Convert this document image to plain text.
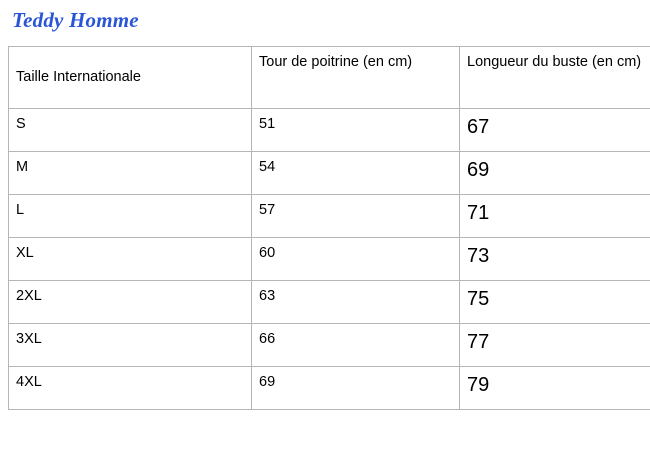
Teddy Homme
Taille Internationale	Tour de poitrine (en cm)	Longueur du buste (en cm)
S	51	67
M	54	69
L	57	71
XL	60	73
2XL	63	75
3XL	66	77
4XL	69	79
